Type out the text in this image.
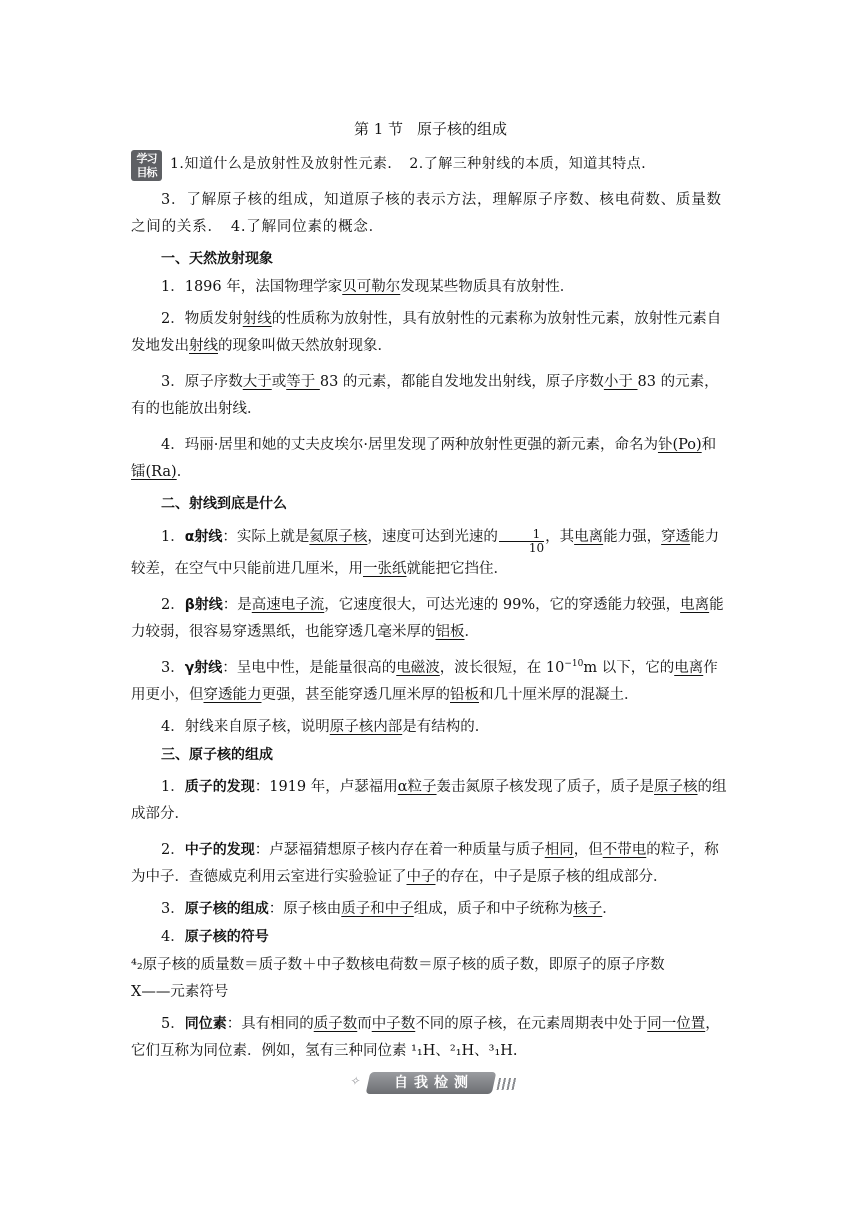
第 1 节 原子核的组成
学习
目标
1.知道什么是放射性及放射性元素．　2.了解三种射线的本质，知道其特点．

3．了解原子核的组成，知道原子核的表示方法，理解原子序数、核电荷数、质量数之间的关系．　4.了解同位素的概念．

一、天然放射现象

1．1896 年，法国物理学家贝可勒尔发现某些物质具有放射性．

2．物质发射射线的性质称为放射性，具有放射性的元素称为放射性元素，放射性元素自发地发出射线的现象叫做天然放射现象．

3．原子序数大于或等于 83 的元素，都能自发地发出射线，原子序数小于 83 的元素，有的也能放出射线．

4．玛丽·居里和她的丈夫皮埃尔·居里发现了两种放射性更强的新元素，命名为钋(Po)和镭(Ra)．

二、射线到底是什么

1．α射线：实际上就是氦原子核，速度可达到光速的 $\frac{1}{10}$ ，其电离能力强，穿透能力较差，在空气中只能前进几厘米，用一张纸就能把它挡住．

2．β射线：是高速电子流，它速度很大，可达光速的 99%，它的穿透能力较强，电离能力较弱，很容易穿透黑纸，也能穿透几毫米厚的铝板．

3．γ射线：呈电中性，是能量很高的电磁波，波长很短，在 $10^{-10}m$ 以下，它的电离作用更小，但穿透能力更强，甚至能穿透几厘米厚的铅板和几十厘米厚的混凝土．

4．射线来自原子核，说明原子核内部是有结构的．

三、原子核的组成

1．质子的发现：1919 年，卢瑟福用α粒子轰击氮原子核发现了质子，质子是原子核的组成部分．

2．中子的发现：卢瑟福猜想原子核内存在着一种质量与质子相同，但不带电的粒子，称为中子．查德威克利用云室进行实验验证了中子的存在，中子是原子核的组成部分．

3．原子核的组成：原子核由质子和中子组成，质子和中子统称为核子．

4．原子核的符号

⁴₂原子核的质量数＝质子数＋中子数核电荷数＝原子核的质子数，即原子的原子序数

X——元素符号

5．同位素：具有相同的质子数而中子数不同的原子核，在元素周期表中处于同一位置，它们互称为同位素．例如，氢有三种同位素 ¹₁H、²₁H、³₁H.

✧	自我检测
